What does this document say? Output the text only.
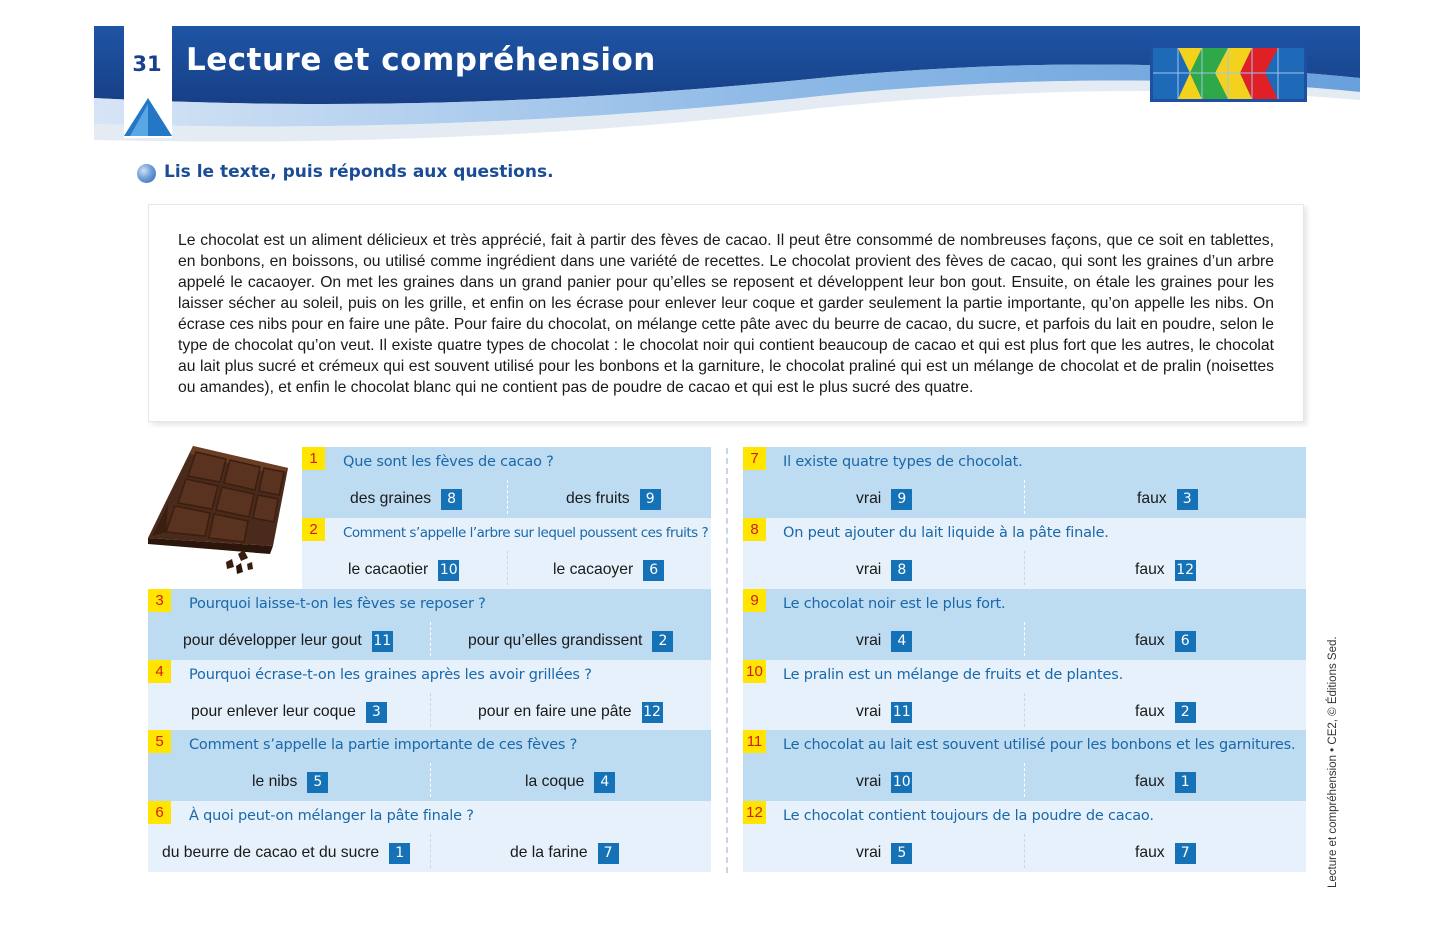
31 Lecture et compréhension
Lis le texte, puis réponds aux questions.

Le chocolat est un aliment délicieux et très apprécié, fait à partir des fèves de cacao. Il peut être consommé de nombreuses façons, que ce soit en tablettes, en bonbons, en boissons, ou utilisé comme ingrédient dans une variété de recettes. Le chocolat provient des fèves de cacao, qui sont les graines d’un arbre appelé le cacaoyer. On met les graines dans un grand panier pour qu’elles se reposent et développent leur bon gout. Ensuite, on étale les graines pour les laisser sécher au soleil, puis on les grille, et enfin on les écrase pour enlever leur coque et garder seulement la partie importante, qu’on appelle les nibs. On écrase ces nibs pour en faire une pâte. Pour faire du chocolat, on mélange cette pâte avec du beurre de cacao, du sucre, et parfois du lait en poudre, selon le type de chocolat qu’on veut. Il existe quatre types de chocolat : le chocolat noir qui contient beaucoup de cacao et qui est plus fort que les autres, le chocolat au lait plus sucré et crémeux qui est souvent utilisé pour les bonbons et la garniture, le chocolat praliné qui est un mélange de chocolat et de pralin (noisettes ou amandes), et enfin le chocolat blanc qui ne contient pas de poudre de cacao et qui est le plus sucré des quatre.

1	Que sont les fèves de cacao ?
des graines	8	des fruits	9
2	Comment s’appelle l’arbre sur lequel poussent ces fruits ?
le cacaotier 10	le cacaoyer	6
3	Pourquoi laisse-t-on les fèves se reposer ?
pour développer leur gout 11	pour qu’elles grandissent	2
4	Pourquoi écrase-t-on les graines après les avoir grillées ?
pour enlever leur coque	3	pour en faire une pâte 12
5	Comment s’appelle la partie importante de ces fèves ?
le nibs	5	la coque	4
6	À quoi peut-on mélanger la pâte finale ?
du beurre de cacao et du sucre	1	de la farine	7
7	Il existe quatre types de chocolat.
vrai	9	faux	3
8	On peut ajouter du lait liquide à la pâte finale.
vrai	8	faux 12
9	Le chocolat noir est le plus fort.
vrai	4	faux	6
10 Le pralin est un mélange de fruits et de plantes.
vrai 11	faux	2
11 Le chocolat au lait est souvent utilisé pour les bonbons et les garnitures.
vrai 10	faux	1
12 Le chocolat contient toujours de la poudre de cacao.
vrai	5	faux	7	Lecture et compréhension • CE2, © Éditions Sed.
